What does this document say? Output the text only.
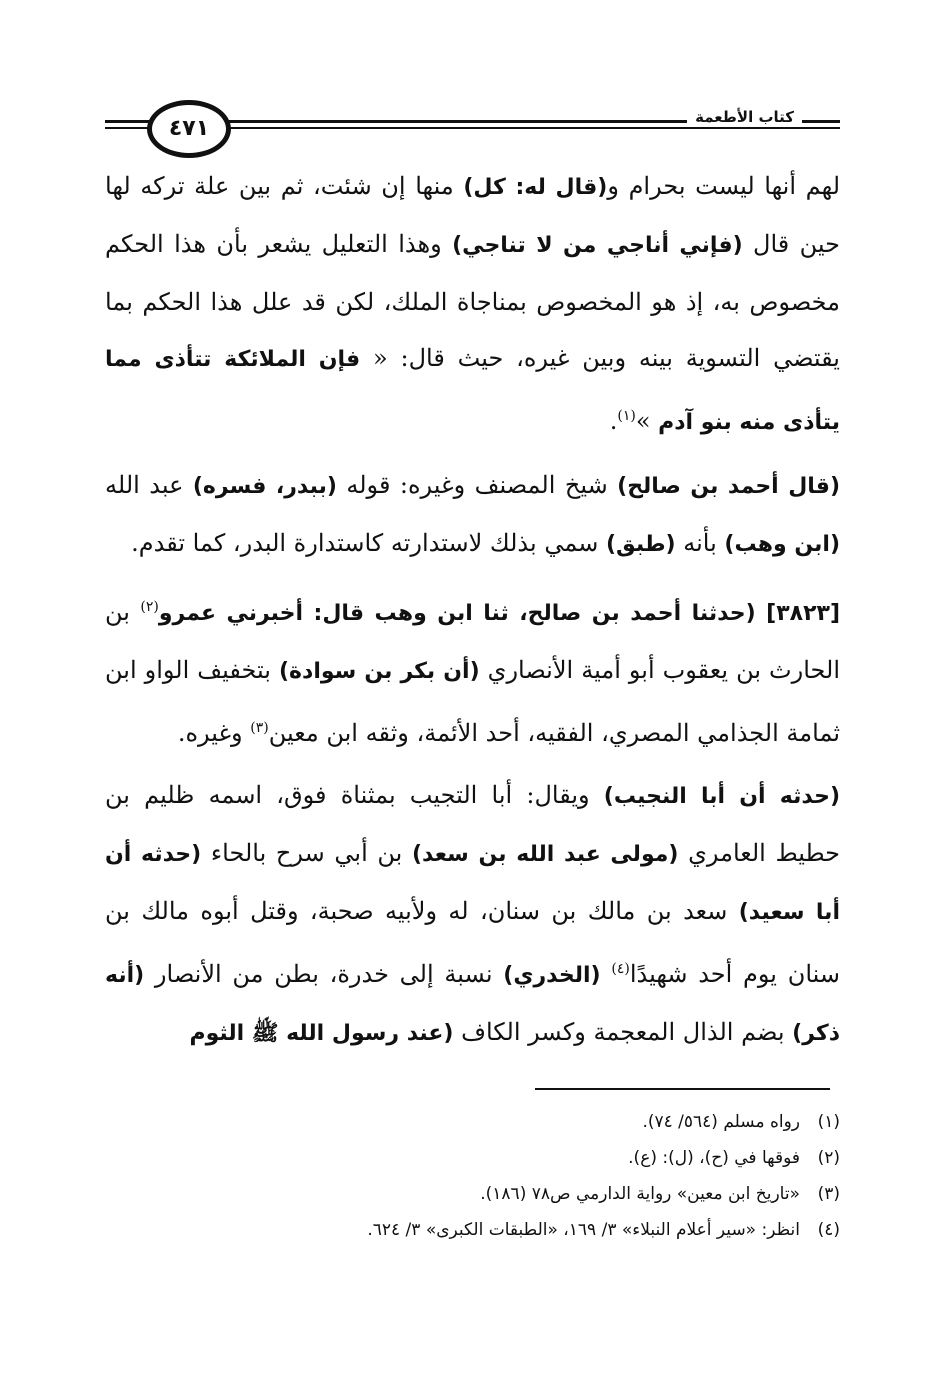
كتاب الأطعمة
٤٧١

لهم أنها ليست بحرام و(قال له: كل) منها إن شئت، ثم بين علة تركه لها حين قال (فإني أناجي من لا تناجي) وهذا التعليل يشعر بأن هذا الحكم مخصوص به، إذ هو المخصوص بمناجاة الملك، لكن قد علل هذا الحكم بما يقتضي التسوية بينه وبين غيره، حيث قال: « فإن الملائكة تتأذى مما يتأذى منه بنو آدم »$^{(١)}$.

(قال أحمد بن صالح) شيخ المصنف وغيره: قوله (ببدر، فسره) عبد الله (ابن وهب) بأنه (طبق) سمي بذلك لاستدارته كاستدارة البدر، كما تقدم.

[٣٨٢٣] (حدثنا أحمد بن صالح، ثنا ابن وهب قال: أخبرني عمرو$^{(٢)}$ بن الحارث بن يعقوب أبو أمية الأنصاري (أن بكر بن سوادة) بتخفيف الواو ابن ثمامة الجذامي المصري، الفقيه، أحد الأئمة، وثقه ابن معين$^{(٣)}$ وغيره.

(حدثه أن أبا النجيب) ويقال: أبا التجيب بمثناة فوق، اسمه ظليم بن حطيط العامري (مولى عبد الله بن سعد) بن أبي سرح بالحاء (حدثه أن أبا سعيد) سعد بن مالك بن سنان، له ولأبيه صحبة، وقتل أبوه مالك بن سنان يوم أحد شهيدًا$^{(٤)}$ (الخدري) نسبة إلى خدرة، بطن من الأنصار (أنه ذكر) بضم الذال المعجمة وكسر الكاف (عند رسول الله ﷺ الثوم

(١)رواه مسلم (٥٦٤/ ٧٤).

(٢)فوقها في (ح)، (ل): (ع).

(٣)«تاريخ ابن معين» رواية الدارمي ص٧٨ (١٨٦).

(٤)انظر: «سير أعلام النبلاء» ٣/ ١٦٩، «الطبقات الكبرى» ٣/ ٦٢٤.
